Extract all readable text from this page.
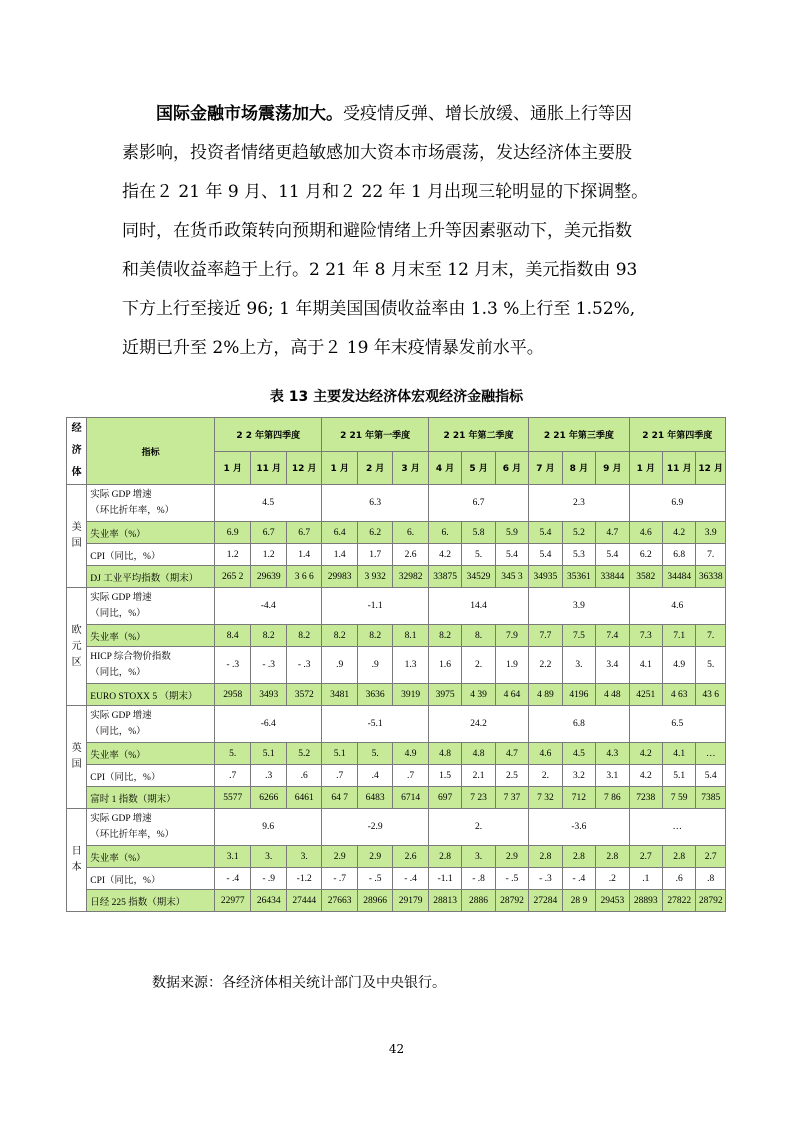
国际金融市场震荡加大。受疫情反弹、增长放缓、通胀上行等因
素影响，投资者情绪更趋敏感加大资本市场震荡，发达经济体主要股
指在２ 21 年 9 月、11 月和２ 22 年 1 月出现三轮明显的下探调整。
同时，在货币政策转向预期和避险情绪上升等因素驱动下，美元指数
和美债收益率趋于上行。2 21 年 8 月末至 12 月末，美元指数由 93
下方上行至接近 96; 1 年期美国国债收益率由 1.3 %上行至 1.52%,
近期已升至 2%上方，高于２ 19 年末疫情暴发前水平。
表 13 主要发达经济体宏观经济金融指标
经
济
体	指标	2 2 年第四季度			2 21 年第一季度			2 21 年第二季度			2 21 年第三季度			2 21 年第四季度		
		1 月	11 月	12 月	1 月	2 月	3 月	4 月	5 月	6 月	7 月	8 月	9 月	1 月	11 月	12 月

美
国	实际 GDP 增速
（环比折年率，%）	4.5			6.3			6.7			2.3			6.9		
	失业率（%）	6.9	6.7	6.7	6.4	6.2	6.	6.	5.8	5.9	5.4	5.2	4.7	4.6	4.2	3.9
	CPI（同比，%）	1.2	1.2	1.4	1.4	1.7	2.6	4.2	5.	5.4	5.4	5.3	5.4	6.2	6.8	7.
	DJ 工业平均指数（期末）	265 2	29639	3 6 6	29983	3 932	32982	33875	34529	345 3	34935	35361	33844	3582	34484	36338

欧
元
区	实际 GDP 增速
（同比，%）	-4.4			-1.1			14.4			3.9			4.6		
	失业率（%）	8.4	8.2	8.2	8.2	8.2	8.1	8.2	8.	7.9	7.7	7.5	7.4	7.3	7.1	7.
	HICP 综合物价指数
（同比，%）	- .3	- .3	- .3	.9	.9	1.3	1.6	2.	1.9	2.2	3.	3.4	4.1	4.9	5.
	EURO STOXX 5 （期末）	2958	3493	3572	3481	3636	3919	3975	4 39	4 64	4 89	4196	4 48	4251	4 63	43 6

英
国	实际 GDP 增速
（同比，%）	-6.4			-5.1			24.2			6.8			6.5		
	失业率（%）	5.	5.1	5.2	5.1	5.	4.9	4.8	4.8	4.7	4.6	4.5	4.3	4.2	4.1	…
	CPI（同比，%）	.7	.3	.6	.7	.4	.7	1.5	2.1	2.5	2.	3.2	3.1	4.2	5.1	5.4
	富时 1 指数（期末）	5577	6266	6461	64 7	6483	6714	697	7 23	7 37	7 32	712	7 86	7238	7 59	7385

日
本	实际 GDP 增速
（环比折年率，%）	9.6			-2.9			2.			-3.6			…		
	失业率（%）	3.1	3.	3.	2.9	2.9	2.6	2.8	3.	2.9	2.8	2.8	2.8	2.7	2.8	2.7
	CPI（同比，%）	- .4	- .9	-1.2	- .7	- .5	- .4	-1.1	- .8	- .5	- .3	- .4	.2	.1	.6	.8
	日经 225 指数（期末）	22977	26434	27444	27663	28966	29179	28813	2886	28792	27284	28 9	29453	28893	27822	28792
数据来源：各经济体相关统计部门及中央银行。
42
